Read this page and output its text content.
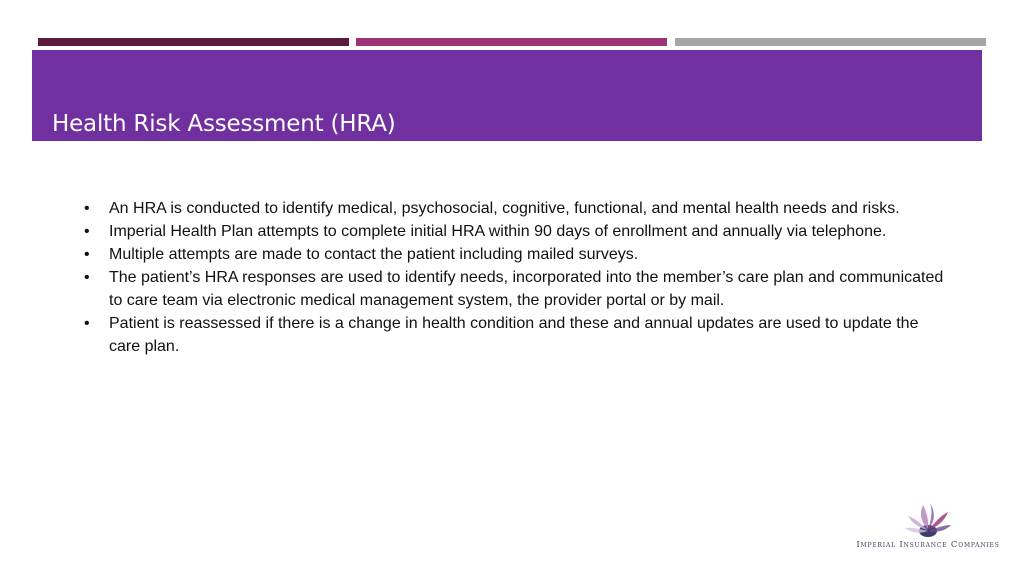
Health Risk Assessment (HRA)
•	An HRA is conducted to identify medical, psychosocial, cognitive, functional, and mental health needs and risks.
•	Imperial Health Plan attempts to complete initial HRA within 90 days of enrollment and annually via telephone.
•	Multiple attempts are made to contact the patient including mailed surveys.
•	The patient’s HRA responses are used to identify needs, incorporated into the member’s care plan and communicated to care team via electronic medical management system, the provider portal or by mail.
•	Patient is reassessed if there is a change in health condition and these and annual updates are used to update the care plan.
Imperial Insurance Companies
